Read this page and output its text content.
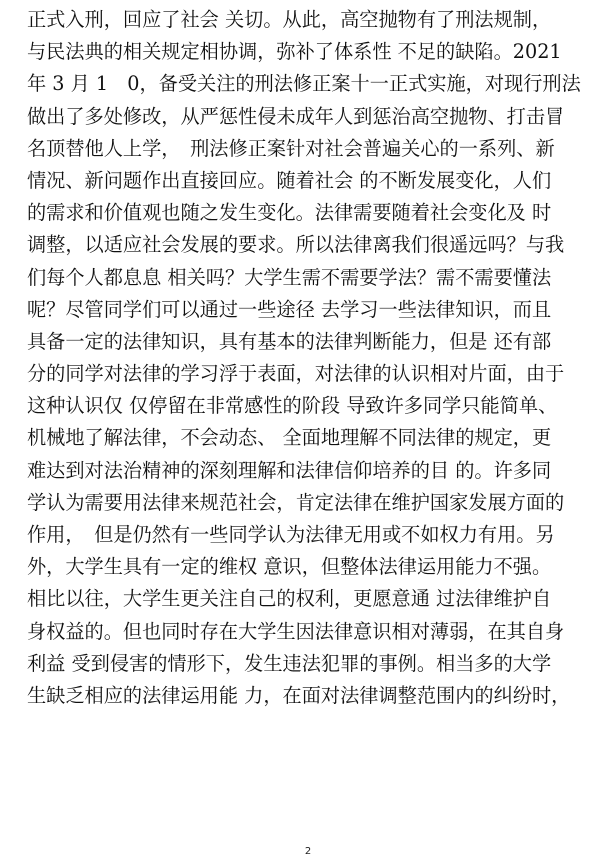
正式入刑，回应了社会 关切。从此，高空抛物有了刑法规制，
与民法典的相关规定相协调，弥补了体系性 不足的缺陷。2021
年 3 月 1　0，备受关注的刑法修正案十一正式实施，对现行刑法
做出了多处修改，从严惩性侵未成年人到惩治高空抛物、打击冒
名顶替他人上学，　刑法修正案针对社会普遍关心的一系列、新
情况、新问题作出直接回应。随着社会 的不断发展变化，人们
的需求和价值观也随之发生变化。法律需要随着社会变化及 时
调整，以适应社会发展的要求。所以法律离我们很遥远吗？与我
们每个人都息息 相关吗？大学生需不需要学法？需不需要懂法
呢？尽管同学们可以通过一些途径 去学习一些法律知识，而且
具备一定的法律知识，具有基本的法律判断能力，但是 还有部
分的同学对法律的学习浮于表面，对法律的认识相对片面，由于
这种认识仅 仅停留在非常感性的阶段 导致许多同学只能简单、
机械地了解法律，不会动态、 全面地理解不同法律的规定，更
难达到对法治精神的深刻理解和法律信仰培养的目 的。许多同
学认为需要用法律来规范社会，肯定法律在维护国家发展方面的
作用，　但是仍然有一些同学认为法律无用或不如权力有用。另
外，大学生具有一定的维权 意识，但整体法律运用能力不强。
相比以往，大学生更关注自己的权利，更愿意通 过法律维护自
身权益的。但也同时存在大学生因法律意识相对薄弱，在其自身
利益 受到侵害的情形下，发生违法犯罪的事例。相当多的大学
生缺乏相应的法律运用能 力，在面对法律调整范围内的纠纷时，
2
